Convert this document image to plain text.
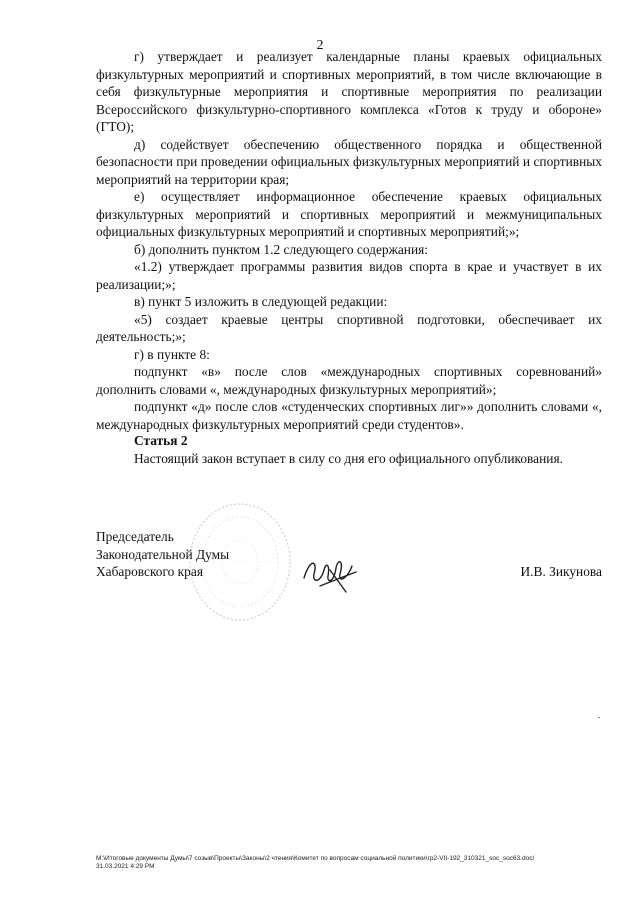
2

г) утверждает и реализует календарные планы краевых официальных физкультурных мероприятий и спортивных мероприятий, в том числе включающие в себя физкультурные мероприятия и спортивные мероприятия по реализации Всероссийского физкультурно-спортивного комплекса «Готов к труду и обороне» (ГТО);

д) содействует обеспечению общественного порядка и общественной безопасности при проведении официальных физкультурных мероприятий и спортивных мероприятий на территории края;

е) осуществляет информационное обеспечение краевых официальных физкультурных мероприятий и спортивных мероприятий и межмуниципальных официальных физкультурных мероприятий и спортивных мероприятий;»;

б) дополнить пунктом 1.2 следующего содержания:

«1.2) утверждает программы развития видов спорта в крае и участвует в их реализации;»;

в) пункт 5 изложить в следующей редакции:

«5) создает краевые центры спортивной подготовки, обеспечивает их деятельность;»;

г) в пункте 8:

подпункт «в» после слов «международных спортивных соревнований» дополнить словами «, международных физкультурных мероприятий»;

подпункт «д» после слов «студенческих спортивных лиг»» дополнить словами «, международных физкультурных мероприятий среди студентов».

Статья 2
Настоящий закон вступает в силу со дня его официального опубликования.
Председатель
Законодательной Думы
Хабаровского края	И.В. Зикунова
M:\Итоговые документы Думы\7 созыв\Проекты\Законы\2 чтения\Комитет по вопросам социальной политики\гр2-VII-192_310321_soc_soc63.doc/
31.03.2021 4:29 PM
